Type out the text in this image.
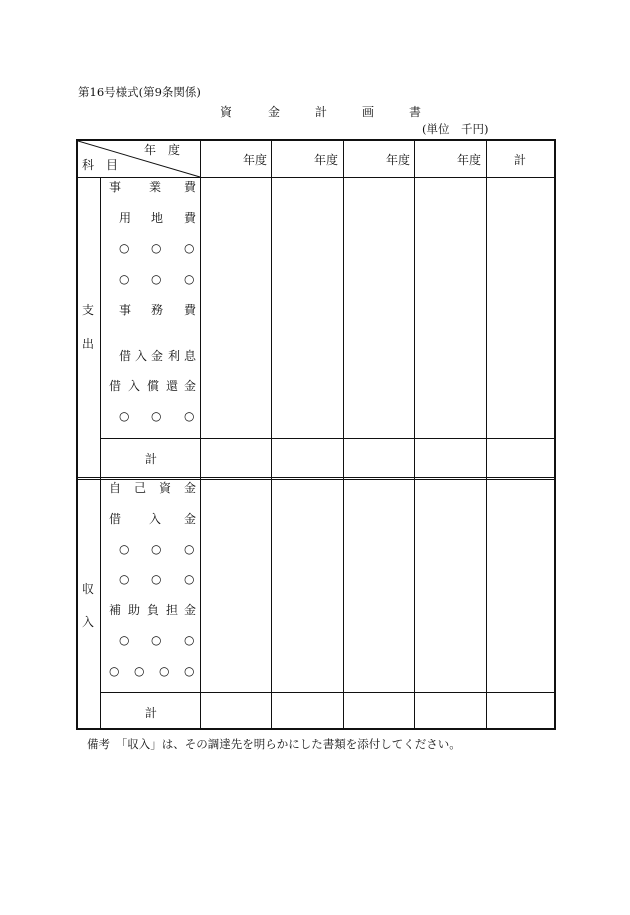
第16号様式(第9条関係)
資	金	計	画	書
(単位　千円)
年　度
科　目	年度	年度	年度	年度	計
支
出
事 業 費
用 地 費
○ ○ ○
○ ○ ○
事 務 費
借 入 金 利 息
借 入 償 還 金
○ ○ ○
計
収
入
自 己 資 金
借 入 金
○ ○ ○
○ ○ ○
補 助 負 担 金
○ ○ ○
○ ○ ○ ○
計
備考　「収入」は、その調達先を明らかにした書類を添付してください。
